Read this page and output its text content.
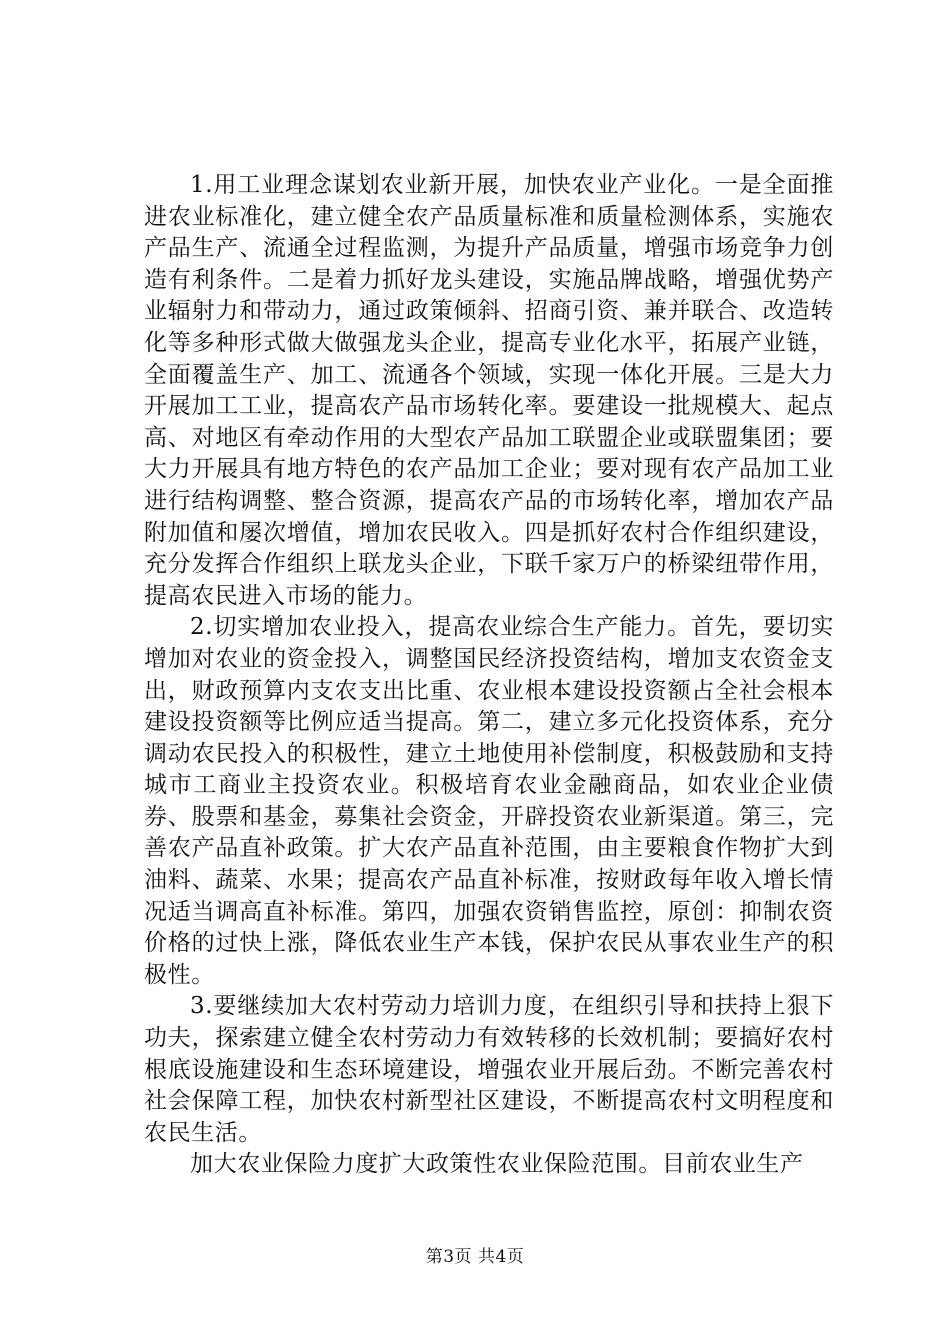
1.用工业理念谋划农业新开展，加快农业产业化。一是全面推进农业标准化，建立健全农产品质量标准和质量检测体系，实施农产品生产、流通全过程监测，为提升产品质量，增强市场竞争力创造有利条件。二是着力抓好龙头建设，实施品牌战略，增强优势产业辐射力和带动力，通过政策倾斜、招商引资、兼并联合、改造转化等多种形式做大做强龙头企业，提高专业化水平，拓展产业链，全面覆盖生产、加工、流通各个领域，实现一体化开展。三是大力开展加工工业，提高农产品市场转化率。要建设一批规模大、起点高、对地区有牵动作用的大型农产品加工联盟企业或联盟集团；要大力开展具有地方特色的农产品加工企业；要对现有农产品加工业进行结构调整、整合资源，提高农产品的市场转化率，增加农产品附加值和屡次增值，增加农民收入。四是抓好农村合作组织建设，充分发挥合作组织上联龙头企业，下联千家万户的桥梁纽带作用，提高农民进入市场的能力。

2.切实增加农业投入，提高农业综合生产能力。首先，要切实增加对农业的资金投入，调整国民经济投资结构，增加支农资金支出，财政预算内支农支出比重、农业根本建设投资额占全社会根本建设投资额等比例应适当提高。第二，建立多元化投资体系，充分调动农民投入的积极性，建立土地使用补偿制度，积极鼓励和支持城市工商业主投资农业。积极培育农业金融商品，如农业企业债券、股票和基金，募集社会资金，开辟投资农业新渠道。第三，完善农产品直补政策。扩大农产品直补范围，由主要粮食作物扩大到油料、蔬菜、水果；提高农产品直补标准，按财政每年收入增长情况适当调高直补标准。第四，加强农资销售监控，原创：抑制农资价格的过快上涨，降低农业生产本钱，保护农民从事农业生产的积极性。

3.要继续加大农村劳动力培训力度，在组织引导和扶持上狠下功夫，探索建立健全农村劳动力有效转移的长效机制；要搞好农村根底设施建设和生态环境建设，增强农业开展后劲。不断完善农村社会保障工程，加快农村新型社区建设，不断提高农村文明程度和农民生活。

加大农业保险力度扩大政策性农业保险范围。目前农业生产

第3页 共4页
